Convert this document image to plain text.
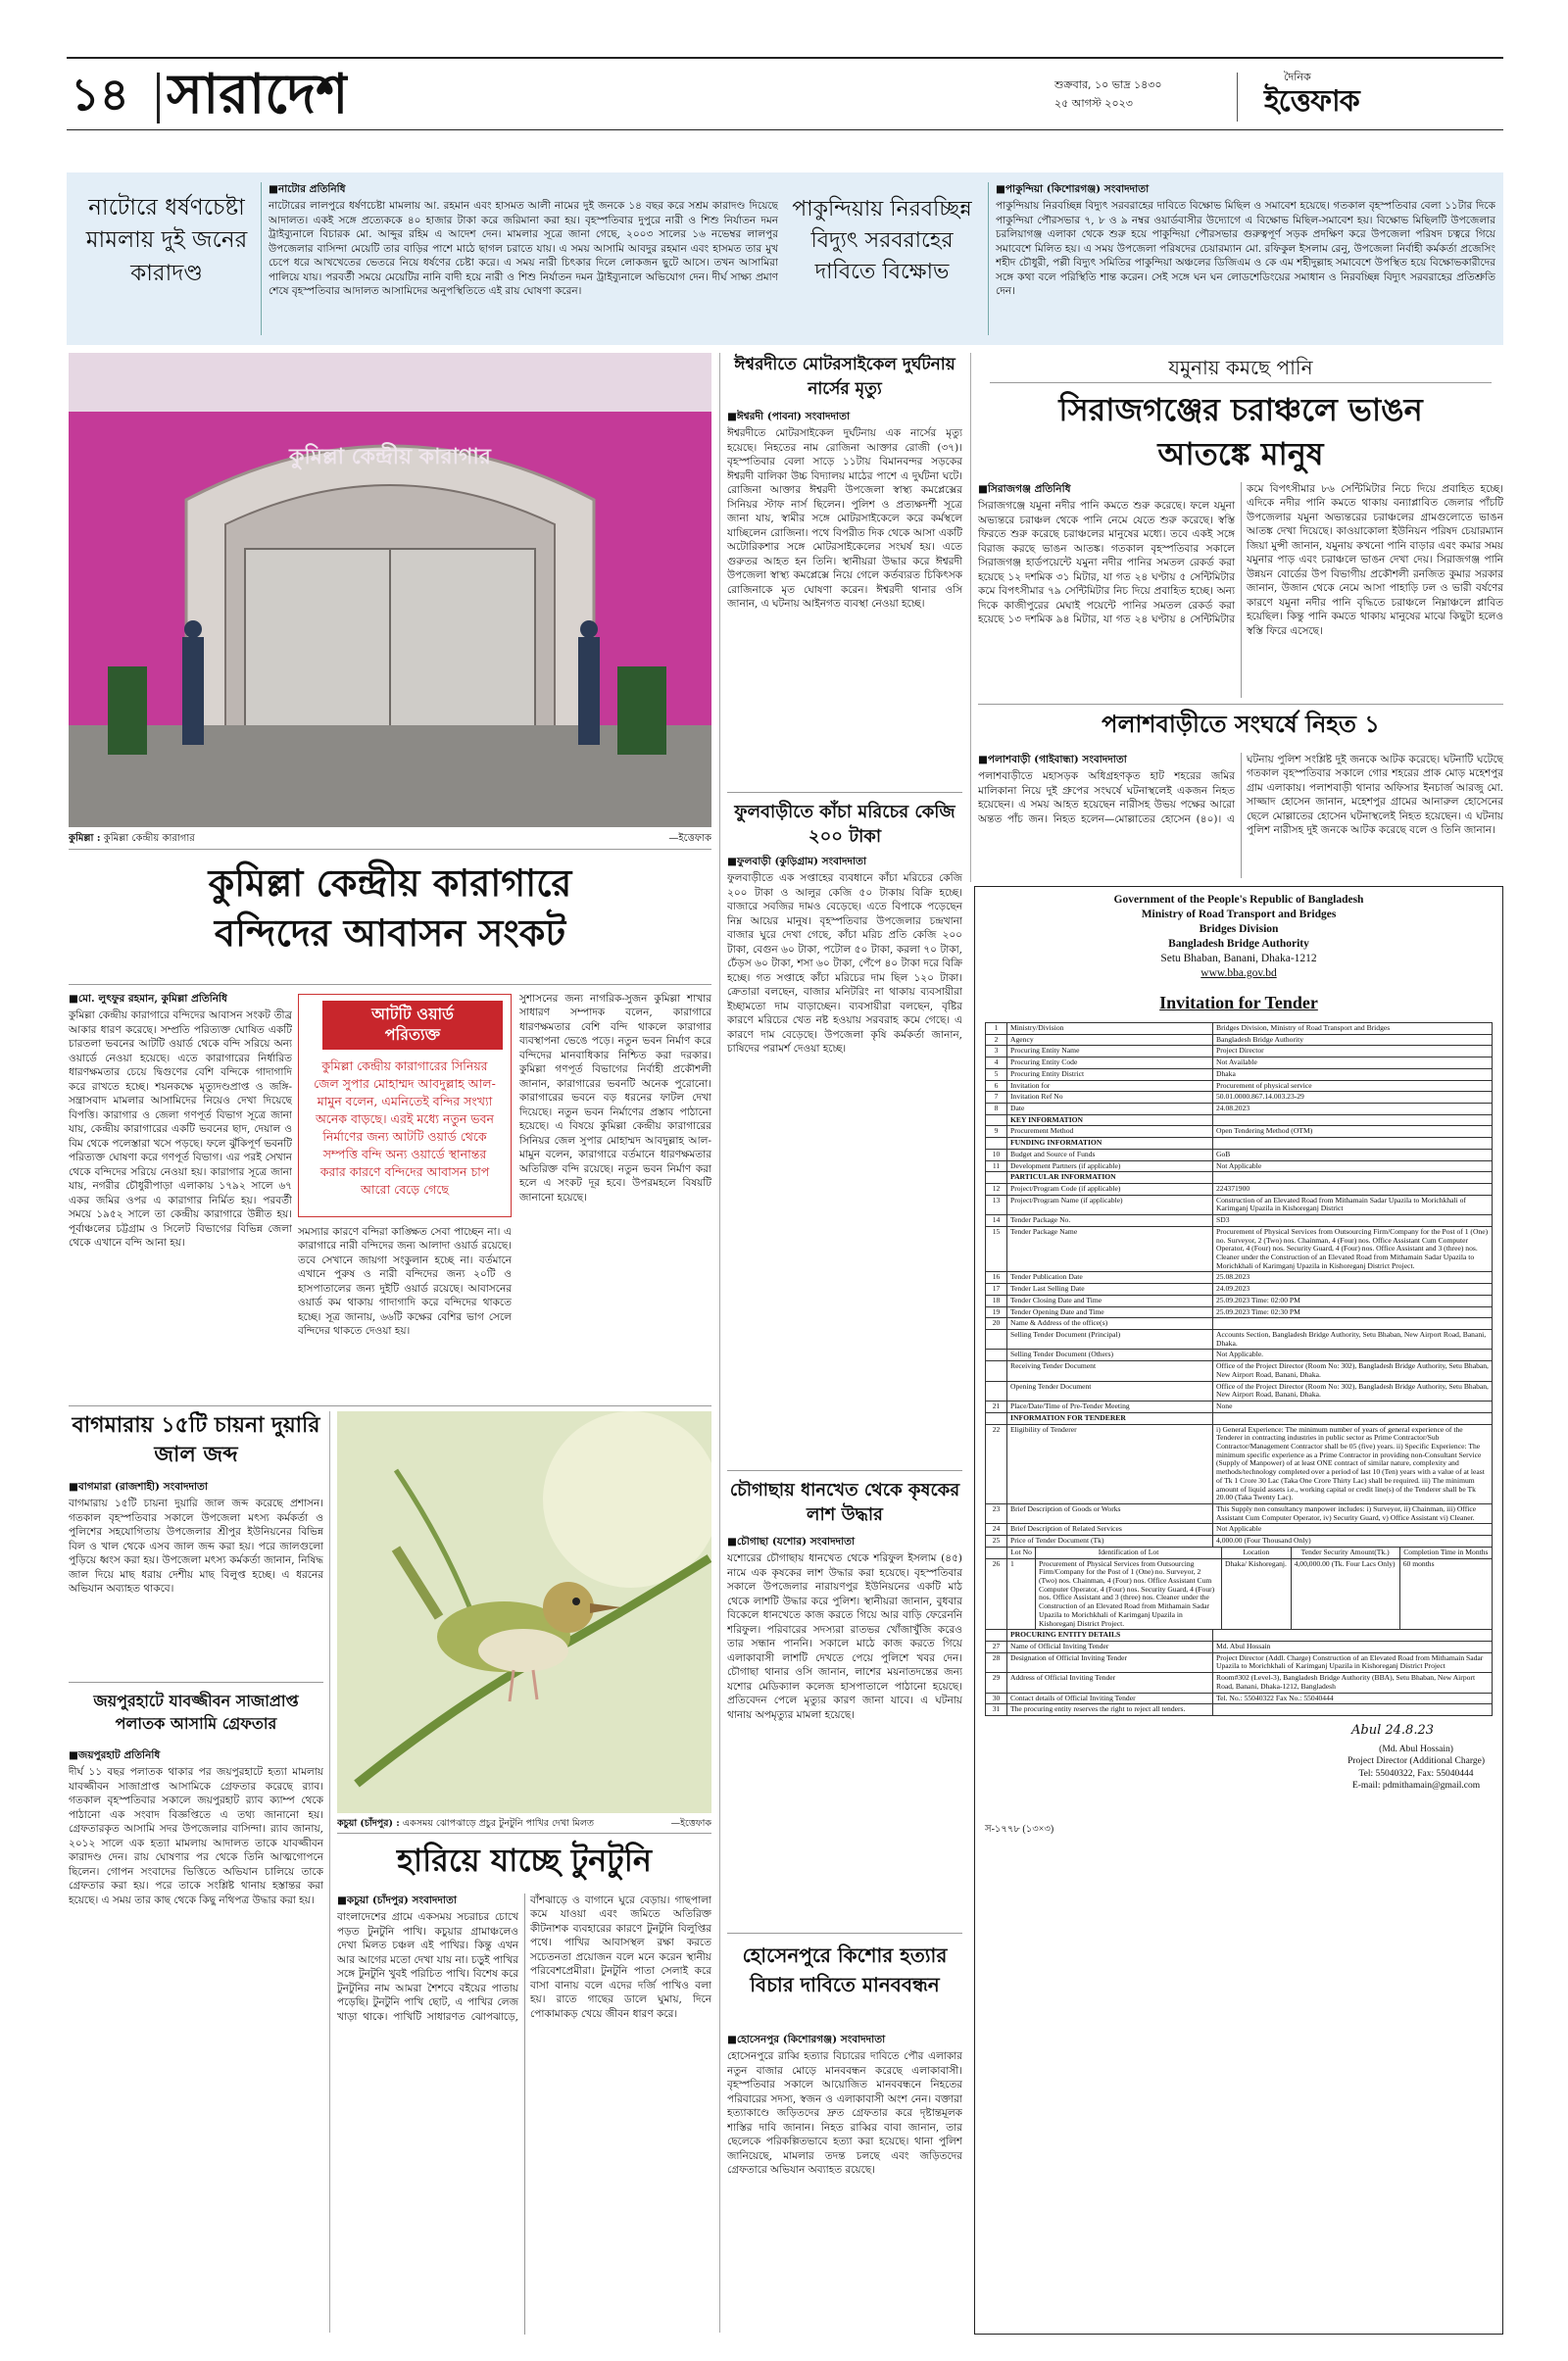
১৪ সারাদেশ	শুক্রবার, ১০ ভাদ্র ১৪৩০
২৫ আগস্ট ২০২৩
দৈনিক
ইত্তেফাক
নাটোরে ধর্ষণচেষ্টা মামলায় দুই জনের কারাদণ্ড
■ নাটোর প্রতিনিধি
নাটোরের লালপুরে ধর্ষণচেষ্টা মামলায় আ. রহমান এবং হাসমত আলী নামের দুই জনকে ১৪ বছর করে সশ্রম কারাদণ্ড দিয়েছে আদালত। একই সঙ্গে প্রত্যেককে ৪০ হাজার টাকা করে জরিমানা করা হয়। বৃহস্পতিবার দুপুরে নারী ও শিশু নির্যাতন দমন ট্রাইব্যুনালে বিচারক মো. আব্দুর রহিম এ আদেশ দেন। মামলার সূত্রে জানা গেছে, ২০০৩ সালের ১৬ নভেম্বর লালপুর উপজেলার বাসিন্দা মেয়েটি তার বাড়ির পাশে মাঠে ছাগল চরাতে যায়। এ সময় আসামি আবদুর রহমান এবং হাসমত তার মুখ চেপে ধরে আখখেতের ভেতরে নিয়ে ধর্ষণের চেষ্টা করে। এ সময় নারী চিৎকার দিলে লোকজন ছুটে আসে। তখন আসামিরা পালিয়ে যায়। পরবর্তী সময়ে মেয়েটির নানি বাদী হয়ে নারী ও শিশু নির্যাতন দমন ট্রাইব্যুনালে অভিযোগ দেন। দীর্ঘ সাক্ষ্য প্রমাণ শেষে বৃহস্পতিবার আদালত আসামিদের অনুপস্থিতিতে এই রায় ঘোষণা করেন।
পাকুন্দিয়ায় নিরবচ্ছিন্ন বিদ্যুৎ সরবরাহের দাবিতে বিক্ষোভ
■ পাকুন্দিয়া (কিশোরগঞ্জ) সংবাদদাতা
পাকুন্দিয়ায় নিরবচ্ছিন্ন বিদ্যুৎ সরবরাহের দাবিতে বিক্ষোভ মিছিল ও সমাবেশ হয়েছে। গতকাল বৃহস্পতিবার বেলা ১১টার দিকে পাকুন্দিয়া পৌরসভার ৭, ৮ ও ৯ নম্বর ওয়ার্ডবাসীর উদ্যোগে এ বিক্ষোভ মিছিল-সমাবেশ হয়। বিক্ষোভ মিছিলটি উপজেলার চরলিয়াগঞ্জ এলাকা থেকে শুরু হয়ে পাকুন্দিয়া পৌরসভার গুরুত্বপূর্ণ সড়ক প্রদক্ষিণ করে উপজেলা পরিষদ চত্বরে গিয়ে সমাবেশে মিলিত হয়। এ সময় উপজেলা পরিষদের চেয়ারম্যান মো. রফিকুল ইসলাম রেনু, উপজেলা নির্বাহী কর্মকর্তা প্রজেসিং শহীদ চৌধুরী, পল্লী বিদ্যুৎ সমিতির পাকুন্দিয়া অঞ্চলের ডিজিএম ও কে এম শহীদুল্লাহ সমাবেশে উপস্থিত হয়ে বিক্ষোভকারীদের সঙ্গে কথা বলে পরিস্থিতি শান্ত করেন। সেই সঙ্গে ঘন ঘন লোডশেডিংয়ের সমাধান ও নিরবচ্ছিন্ন বিদ্যুৎ সরবরাহের প্রতিশ্রুতি দেন।
কুমিল্লা কেন্দ্রীয় কারাগার
কুমিল্লা : কুমিল্লা কেন্দ্রীয় কারাগার	—ইত্তেফাক
কুমিল্লা কেন্দ্রীয় কারাগারে
বন্দিদের আবাসন সংকট
■ মো. লুৎফুর রহমান, কুমিল্লা প্রতিনিধি
কুমিল্লা কেন্দ্রীয় কারাগারে বন্দিদের আবাসন সংকট তীব্র আকার ধারণ করেছে। সম্প্রতি পরিত্যক্ত ঘোষিত একটি চারতলা ভবনের আটটি ওয়ার্ড থেকে বন্দি সরিয়ে অন্য ওয়ার্ডে নেওয়া হয়েছে। এতে কারাগারের নির্ধারিত ধারণক্ষমতার চেয়ে দ্বিগুণের বেশি বন্দিকে গাদাগাদি করে রাখতে হচ্ছে। শয়নকক্ষে মৃত্যুদণ্ডপ্রাপ্ত ও জঙ্গি-সন্ত্রাসবাদ মামলার আসামিদের নিয়েও দেখা দিয়েছে বিপত্তি। কারাগার ও জেলা গণপূর্ত বিভাগ সূত্রে জানা যায়, কেন্দ্রীয় কারাগারের একটি ভবনের ছাদ, দেয়াল ও বিম থেকে পলেস্তারা খসে পড়ছে। ফলে ঝুঁকিপূর্ণ ভবনটি পরিত্যক্ত ঘোষণা করে গণপূর্ত বিভাগ। এর পরই সেখান থেকে বন্দিদের সরিয়ে নেওয়া হয়। কারাগার সূত্রে জানা যায়, নগরীর চৌধুরীপাড়া এলাকায় ১৭৯২ সালে ৬৭ একর জমির ওপর এ কারাগার নির্মিত হয়। পরবর্তী সময়ে ১৯৫২ সালে তা কেন্দ্রীয় কারাগারে উন্নীত হয়। পূর্বাঞ্চলের চট্টগ্রাম ও সিলেট বিভাগের বিভিন্ন জেলা থেকে এখানে বন্দি আনা হয়।
আটটি ওয়ার্ড
পরিত্যক্ত
কুমিল্লা কেন্দ্রীয় কারাগারের সিনিয়র জেল সুপার মোহাম্মদ আবদুল্লাহ আল-মামুন বলেন, এমনিতেই বন্দির সংখ্যা অনেক বাড়ছে। এরই মধ্যে নতুন ভবন নির্মাণের জন্য আটটি ওয়ার্ড থেকে সম্পত্তি বন্দি অন্য ওয়ার্ডে স্থানান্তর করার কারণে বন্দিদের আবাসন চাপ আরো বেড়ে গেছে
সমস্যার কারণে বন্দিরা কাঙ্ক্ষিত সেবা পাচ্ছেন না। এ কারাগারে নারী বন্দিদের জন্য আলাদা ওয়ার্ড রয়েছে। তবে সেখানে জায়গা সংকুলান হচ্ছে না। বর্তমানে এখানে পুরুষ ও নারী বন্দিদের জন্য ২০টি ও হাসপাতালের জন্য দুইটি ওয়ার্ড রয়েছে। আবাসনের ওয়ার্ড কম থাকায় গাদাগাদি করে বন্দিদের থাকতে হচ্ছে। সূত্র জানায়, ৬৬টি কক্ষের বেশির ভাগ সেলে বন্দিদের থাকতে দেওয়া হয়।
সুশাসনের জন্য নাগরিক-সুজন কুমিল্লা শাখার সাধারণ সম্পাদক বলেন, কারাগারে ধারণক্ষমতার বেশি বন্দি থাকলে কারাগার ব্যবস্থাপনা ভেঙে পড়ে। নতুন ভবন নির্মাণ করে বন্দিদের মানবাধিকার নিশ্চিত করা দরকার। কুমিল্লা গণপূর্ত বিভাগের নির্বাহী প্রকৌশলী জানান, কারাগারের ভবনটি অনেক পুরোনো। কারাগারের ভবনে বড় ধরনের ফাটল দেখা দিয়েছে। নতুন ভবন নির্মাণের প্রস্তাব পাঠানো হয়েছে। এ বিষয়ে কুমিল্লা কেন্দ্রীয় কারাগারের সিনিয়র জেল সুপার মোহাম্মদ আবদুল্লাহ আল-মামুন বলেন, কারাগারে বর্তমানে ধারণক্ষমতার অতিরিক্ত বন্দি রয়েছে। নতুন ভবন নির্মাণ করা হলে এ সংকট দূর হবে। উপরমহলে বিষয়টি জানানো হয়েছে।
বাগমারায় ১৫টি চায়না দুয়ারি জাল জব্দ
■ বাগমারা (রাজশাহী) সংবাদদাতা
বাগমারায় ১৫টি চায়না দুয়ারি জাল জব্দ করেছে প্রশাসন। গতকাল বৃহস্পতিবার সকালে উপজেলা মৎস্য কর্মকর্তা ও পুলিশের সহযোগিতায় উপজেলার শ্রীপুর ইউনিয়নের বিভিন্ন বিল ও খাল থেকে এসব জাল জব্দ করা হয়। পরে জালগুলো পুড়িয়ে ধ্বংস করা হয়। উপজেলা মৎস্য কর্মকর্তা জানান, নিষিদ্ধ জাল দিয়ে মাছ ধরায় দেশীয় মাছ বিলুপ্ত হচ্ছে। এ ধরনের অভিযান অব্যাহত থাকবে।
জয়পুরহাটে যাবজ্জীবন সাজাপ্রাপ্ত পলাতক আসামি গ্রেফতার
■ জয়পুরহাট প্রতিনিধি
দীর্ঘ ১১ বছর পলাতক থাকার পর জয়পুরহাটে হত্যা মামলায় যাবজ্জীবন সাজাপ্রাপ্ত আসামিকে গ্রেফতার করেছে র‌্যাব। গতকাল বৃহস্পতিবার সকালে জয়পুরহাট র‌্যাব ক্যাম্প থেকে পাঠানো এক সংবাদ বিজ্ঞপ্তিতে এ তথ্য জানানো হয়। গ্রেফতারকৃত আসামি সদর উপজেলার বাসিন্দা। র‌্যাব জানায়, ২০১২ সালে এক হত্যা মামলায় আদালত তাকে যাবজ্জীবন কারাদণ্ড দেন। রায় ঘোষণার পর থেকে তিনি আত্মগোপনে ছিলেন। গোপন সংবাদের ভিত্তিতে অভিযান চালিয়ে তাকে গ্রেফতার করা হয়। পরে তাকে সংশ্লিষ্ট থানায় হস্তান্তর করা হয়েছে। এ সময় তার কাছ থেকে কিছু নথিপত্র উদ্ধার করা হয়।
কচুয়া (চাঁদপুর) : একসময় ঝোপঝাড়ে প্রচুর টুনটুনি পাখির দেখা মিলত	—ইত্তেফাক
হারিয়ে যাচ্ছে টুনটুনি
■ কচুয়া (চাঁদপুর) সংবাদদাতা
বাংলাদেশের গ্রামে একসময় সচরাচর চোখে পড়ত টুনটুনি পাখি। কচুয়ার গ্রামাঞ্চলেও দেখা মিলত চঞ্চল এই পাখির। কিন্তু এখন আর আগের মতো দেখা যায় না। চড়ুই পাখির সঙ্গে টুনটুনি খুবই পরিচিত পাখি। বিশেষ করে টুনটুনির নাম আমরা শৈশবে বইয়ের পাতায় পড়েছি। টুনটুনি পাখি ছোট, এ পাখির লেজ খাড়া থাকে। পাখিটি সাধারণত ঝোপঝাড়ে, বাঁশঝাড়ে ও বাগানে ঘুরে বেড়ায়। গাছপালা কমে যাওয়া এবং জমিতে অতিরিক্ত কীটনাশক ব্যবহারের কারণে টুনটুনি বিলুপ্তির পথে। পাখির আবাসস্থল রক্ষা করতে সচেতনতা প্রয়োজন বলে মনে করেন স্থানীয় পরিবেশপ্রেমীরা। টুনটুনি পাতা সেলাই করে বাসা বানায় বলে এদের দর্জি পাখিও বলা হয়। রাতে গাছের ডালে ঘুমায়, দিনে পোকামাকড় খেয়ে জীবন ধারণ করে।
ঈশ্বরদীতে মোটরসাইকেল দুর্ঘটনায় নার্সের মৃত্যু
■ ঈশ্বরদী (পাবনা) সংবাদদাতা
ঈশ্বরদীতে মোটরসাইকেল দুর্ঘটনায় এক নার্সের মৃত্যু হয়েছে। নিহতের নাম রোজিনা আক্তার রোজী (৩৭)। বৃহস্পতিবার বেলা সাড়ে ১১টায় বিমানবন্দর সড়কের ঈশ্বরদী বালিকা উচ্চ বিদ্যালয় মাঠের পাশে এ দুর্ঘটনা ঘটে। রোজিনা আক্তার ঈশ্বরদী উপজেলা স্বাস্থ্য কমপ্লেক্সের সিনিয়র স্টাফ নার্স ছিলেন। পুলিশ ও প্রত্যক্ষদর্শী সূত্রে জানা যায়, স্বামীর সঙ্গে মোটরসাইকেলে করে কর্মস্থলে যাচ্ছিলেন রোজিনা। পথে বিপরীত দিক থেকে আসা একটি অটোরিকশার সঙ্গে মোটরসাইকেলের সংঘর্ষ হয়। এতে গুরুতর আহত হন তিনি। স্থানীয়রা উদ্ধার করে ঈশ্বরদী উপজেলা স্বাস্থ্য কমপ্লেক্সে নিয়ে গেলে কর্তব্যরত চিকিৎসক রোজিনাকে মৃত ঘোষণা করেন। ঈশ্বরদী থানার ওসি জানান, এ ঘটনায় আইনগত ব্যবস্থা নেওয়া হচ্ছে।
ফুলবাড়ীতে কাঁচা মরিচের কেজি ২০০ টাকা
■ ফুলবাড়ী (কুড়িগ্রাম) সংবাদদাতা
ফুলবাড়ীতে এক সপ্তাহের ব্যবধানে কাঁচা মরিচের কেজি ২০০ টাকা ও আলুর কেজি ৫০ টাকায় বিক্রি হচ্ছে। বাজারে সবজির দামও বেড়েছে। এতে বিপাকে পড়েছেন নিম্ন আয়ের মানুষ। বৃহস্পতিবার উপজেলার চন্দ্রখানা বাজার ঘুরে দেখা গেছে, কাঁচা মরিচ প্রতি কেজি ২০০ টাকা, বেগুন ৬০ টাকা, পটোল ৫০ টাকা, করলা ৭০ টাকা, ঢেঁড়স ৬০ টাকা, শসা ৬০ টাকা, পেঁপে ৪০ টাকা দরে বিক্রি হচ্ছে। গত সপ্তাহে কাঁচা মরিচের দাম ছিল ১২০ টাকা। ক্রেতারা বলছেন, বাজার মনিটরিং না থাকায় ব্যবসায়ীরা ইচ্ছামতো দাম বাড়াচ্ছেন। ব্যবসায়ীরা বলছেন, বৃষ্টির কারণে মরিচের খেত নষ্ট হওয়ায় সরবরাহ কমে গেছে। এ কারণে দাম বেড়েছে। উপজেলা কৃষি কর্মকর্তা জানান, চাষিদের পরামর্শ দেওয়া হচ্ছে।
চৌগাছায় ধানখেত থেকে কৃষকের লাশ উদ্ধার
■ চৌগাছা (যশোর) সংবাদদাতা
যশোরের চৌগাছায় ধানখেত থেকে শরিফুল ইসলাম (৪৫) নামে এক কৃষকের লাশ উদ্ধার করা হয়েছে। বৃহস্পতিবার সকালে উপজেলার নারায়ণপুর ইউনিয়নের একটি মাঠ থেকে লাশটি উদ্ধার করে পুলিশ। স্থানীয়রা জানান, বুধবার বিকেলে ধানখেতে কাজ করতে গিয়ে আর বাড়ি ফেরেননি শরিফুল। পরিবারের সদস্যরা রাতভর খোঁজাখুঁজি করেও তার সন্ধান পাননি। সকালে মাঠে কাজ করতে গিয়ে এলাকাবাসী লাশটি দেখতে পেয়ে পুলিশে খবর দেন। চৌগাছা থানার ওসি জানান, লাশের ময়নাতদন্তের জন্য যশোর মেডিক্যাল কলেজ হাসপাতালে পাঠানো হয়েছে। প্রতিবেদন পেলে মৃত্যুর কারণ জানা যাবে। এ ঘটনায় থানায় অপমৃত্যুর মামলা হয়েছে।
হোসেনপুরে কিশোর হত্যার বিচার দাবিতে মানববন্ধন
■ হোসেনপুর (কিশোরগঞ্জ) সংবাদদাতা
হোসেনপুরে রাব্বি হত্যার বিচারের দাবিতে পৌর এলাকার নতুন বাজার মোড়ে মানববন্ধন করেছে এলাকাবাসী। বৃহস্পতিবার সকালে আয়োজিত মানববন্ধনে নিহতের পরিবারের সদস্য, স্বজন ও এলাকাবাসী অংশ নেন। বক্তারা হত্যাকাণ্ডে জড়িতদের দ্রুত গ্রেফতার করে দৃষ্টান্তমূলক শাস্তির দাবি জানান। নিহত রাব্বির বাবা জানান, তার ছেলেকে পরিকল্পিতভাবে হত্যা করা হয়েছে। থানা পুলিশ জানিয়েছে, মামলার তদন্ত চলছে এবং জড়িতদের গ্রেফতারে অভিযান অব্যাহত রয়েছে।
যমুনায় কমছে পানি
সিরাজগঞ্জের চরাঞ্চলে ভাঙন
আতঙ্কে মানুষ
■ সিরাজগঞ্জ প্রতিনিধি
সিরাজগঞ্জে যমুনা নদীর পানি কমতে শুরু করেছে। ফলে যমুনা অভ্যন্তরে চরাঞ্চল থেকে পানি নেমে যেতে শুরু করেছে। স্বস্তি ফিরতে শুরু করেছে চরাঞ্চলের মানুষের মধ্যে। তবে একই সঙ্গে বিরাজ করছে ভাঙন আতঙ্ক। গতকাল বৃহস্পতিবার সকালে সিরাজগঞ্জ হার্ডপয়েন্টে যমুনা নদীর পানির সমতল রেকর্ড করা হয়েছে ১২ দশমিক ৩১ মিটার, যা গত ২৪ ঘণ্টায় ৫ সেন্টিমিটার কমে বিপৎসীমার ৭৯ সেন্টিমিটার নিচ দিয়ে প্রবাহিত হচ্ছে। অন্য দিকে কাজীপুরের মেঘাই পয়েন্টে পানির সমতল রেকর্ড করা হয়েছে ১৩ দশমিক ৯৪ মিটার, যা গত ২৪ ঘণ্টায় ৪ সেন্টিমিটার কমে বিপৎসীমার ৮৬ সেন্টিমিটার নিচে দিয়ে প্রবাহিত হচ্ছে। এদিকে নদীর পানি কমতে থাকায় বন্যাপ্লাবিত জেলার পাঁচটি উপজেলার যমুনা অভ্যন্তরের চরাঞ্চলের গ্রামগুলোতে ভাঙন আতঙ্ক দেখা দিয়েছে। কাওয়াকোলা ইউনিয়ন পরিষদ চেয়ারম্যান জিয়া মুন্সী জানান, যমুনায় কখনো পানি বাড়ার এবং কমার সময় যমুনার পাড় এবং চরাঞ্চলে ভাঙন দেখা দেয়। সিরাজগঞ্জ পানি উন্নয়ন বোর্ডের উপ বিভাগীয় প্রকৌশলী রনজিত কুমার সরকার জানান, উজান থেকে নেমে আসা পাহাড়ি ঢল ও ভারী বর্ষণের কারণে যমুনা নদীর পানি বৃদ্ধিতে চরাঞ্চলে নিম্নাঞ্চলে প্লাবিত হয়েছিল। কিন্তু পানি কমতে থাকায় মানুষের মাঝে কিছুটা হলেও স্বস্তি ফিরে এসেছে।
পলাশবাড়ীতে সংঘর্ষে নিহত ১
■ পলাশবাড়ী (গাইবান্ধা) সংবাদদাতা
পলাশবাড়ীতে মহাসড়ক অধিগ্রহণকৃত হাট শহরের জমির মালিকানা নিয়ে দুই গ্রুপের সংঘর্ষে ঘটনাস্থলেই একজন নিহত হয়েছেন। এ সময় আহত হয়েছেন নারীসহ উভয় পক্ষের আরো অন্তত পাঁচ জন। নিহত হলেন—মোল্লাতের হোসেন (৪০)। এ ঘটনায় পুলিশ সংশ্লিষ্ট দুই জনকে আটক করেছে। ঘটনাটি ঘটেছে গতকাল বৃহস্পতিবার সকালে গোর শহরের প্রাক মোড় মহেশপুর গ্রাম এলাকায়। পলাশবাড়ী থানার অফিসার ইনচার্জ আরজু মো. সাজ্জাদ হোসেন জানান, মহেশপুর গ্রামের আনারুল হোসেনের ছেলে মোল্লাতের হোসেন ঘটনাস্থলেই নিহত হয়েছেন। এ ঘটনায় পুলিশ নারীসহ দুই জনকে আটক করেছে বলে ও তিনি জানান।
Government of the People's Republic of Bangladesh
Ministry of Road Transport and Bridges
Bridges Division
Bangladesh Bridge Authority
Setu Bhaban, Banani, Dhaka-1212
www.bba.gov.bd
Invitation for Tender
1	Ministry/Division	Bridges Division, Ministry of Road Transport and Bridges
2	Agency	Bangladesh Bridge Authority
3	Procuring Entity Name	Project Director
4	Procuring Entity Code	Not Available
5	Procuring Entity District	Dhaka
6	Invitation for	Procurement of physical service
7	Invitation Ref No	50.01.0000.867.14.003.23-29
8	Date	24.08.2023
	KEY INFORMATION	
9	Procurement Method	Open Tendering Method (OTM)
	FUNDING INFORMATION	
10	Budget and Source of Funds	GoB
11	Development Partners (if applicable)	Not Applicable
	PARTICULAR INFORMATION	
12	Project/Program Code (if applicable)	224371900
13	Project/Program Name (if applicable)	Construction of an Elevated Road from Mithamain Sadar Upazila to Morichkhali of Karimganj Upazila in Kishoreganj District
14	Tender Package No.	SD3
15	Tender Package Name	Procurement of Physical Services from Outsourcing Firm/Company for the Post of 1 (One) no. Surveyor, 2 (Two) nos. Chainman, 4 (Four) nos. Office Assistant Cum Computer Operator, 4 (Four) nos. Security Guard, 4 (Four) nos. Office Assistant and 3 (three) nos. Cleaner under the Construction of an Elevated Road from Mithamain Sadar Upazila to Morichkhali of Karimganj Upazila in Kishoreganj District Project.
16	Tender Publication Date	25.08.2023
17	Tender Last Selling Date	24.09.2023
18	Tender Closing Date and Time	25.09.2023 Time: 02:00 PM
19	Tender Opening Date and Time	25.09.2023 Time: 02:30 PM
20	Name & Address of the office(s)	
	Selling Tender Document (Principal)	Accounts Section, Bangladesh Bridge Authority, Setu Bhaban, New Airport Road, Banani, Dhaka.
	Selling Tender Document (Others)	Not Applicable.
	Receiving Tender Document	Office of the Project Director (Room No: 302), Bangladesh Bridge Authority, Setu Bhaban, New Airport Road, Banani, Dhaka.
	Opening Tender Document	Office of the Project Director (Room No: 302), Bangladesh Bridge Authority, Setu Bhaban, New Airport Road, Banani, Dhaka.
21	Place/Date/Time of Pre-Tender Meeting	None
	INFORMATION FOR TENDERER	
22	Eligibility of Tenderer	i) General Experience: The minimum number of years of general experience of the Tenderer in contracting industries in public sector as Prime Contractor/Sub Contractor/Management Contractor shall be 05 (five) years. ii) Specific Experience: The minimum specific experience as a Prime Contractor in providing non-Consultant Service (Supply of Manpower) of at least ONE contract of similar nature, complexity and methods/technology completed over a period of last 10 (Ten) years with a value of at least of Tk 1 Crore 30 Lac (Taka One Crore Thirty Lac) shall be required. iii) The minimum amount of liquid assets i.e., working capital or credit line(s) of the Tenderer shall be Tk 20.00 (Taka Twenty Lac).
23	Brief Description of Goods or Works	This Supply non consultancy manpower includes: i) Surveyor, ii) Chainman, iii) Office Assistant Cum Computer Operator, iv) Security Guard, v) Office Assistant vi) Cleaner.
24	Brief Description of Related Services	Not Applicable
25	Price of Tender Document (Tk)	4,000.00 (Four Thousand Only)
	Lot No	Identification of Lot	Location	Tender Security Amount(Tk.)	Completion Time in Months
26	1	Procurement of Physical Services from Outsourcing Firm/Company for the Post of 1 (One) no. Surveyor, 2 (Two) nos. Chainman, 4 (Four) nos. Office Assistant Cum Computer Operator, 4 (Four) nos. Security Guard, 4 (Four) nos. Office Assistant and 3 (three) nos. Cleaner under the Construction of an Elevated Road from Mithamain Sadar Upazila to Morichkhali of Karimganj Upazila in Kishoreganj District Project.	Dhaka/ Kishoreganj.	4,00,000.00 (Tk. Four Lacs Only)	60 months
	PROCURING ENTITY DETAILS	
27	Name of Official Inviting Tender	Md. Abul Hossain
28	Designation of Official Inviting Tender	Project Director (Addl. Charge) Construction of an Elevated Road from Mithamain Sadar Upazila to Morichkhali of Karimganj Upazila in Kishoreganj District Project
29	Address of Official Inviting Tender	Room#302 (Level-3), Bangladesh Bridge Authority (BBA), Setu Bhaban, New Airport Road, Banani, Dhaka-1212, Bangladesh
30	Contact details of Official Inviting Tender	Tel. No.: 55040322 Fax No.: 55040444
31	The procuring entity reserves the right to reject all tenders.	
স-১৭৭৮ (১৩×৩)
Abul 24.8.23
(Md. Abul Hossain)
Project Director (Additional Charge)
Tel: 55040322, Fax: 55040444
E-mail: pdmithamain@gmail.com
